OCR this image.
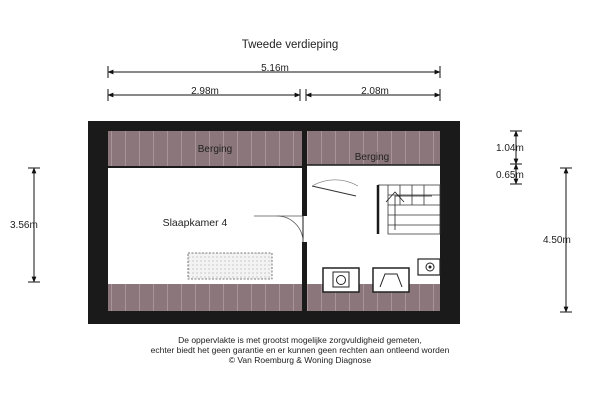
Tweede verdieping
5.16m
2.98m	2.08m
3.56m
1.04m
0.65m
4.50m
Berging
Berging
Slaapkamer 4
De oppervlakte is met grootst mogelijke zorgvuldigheid gemeten,
echter biedt het geen garantie en er kunnen geen rechten aan ontleend worden
© Van Roemburg & Woning Diagnose
